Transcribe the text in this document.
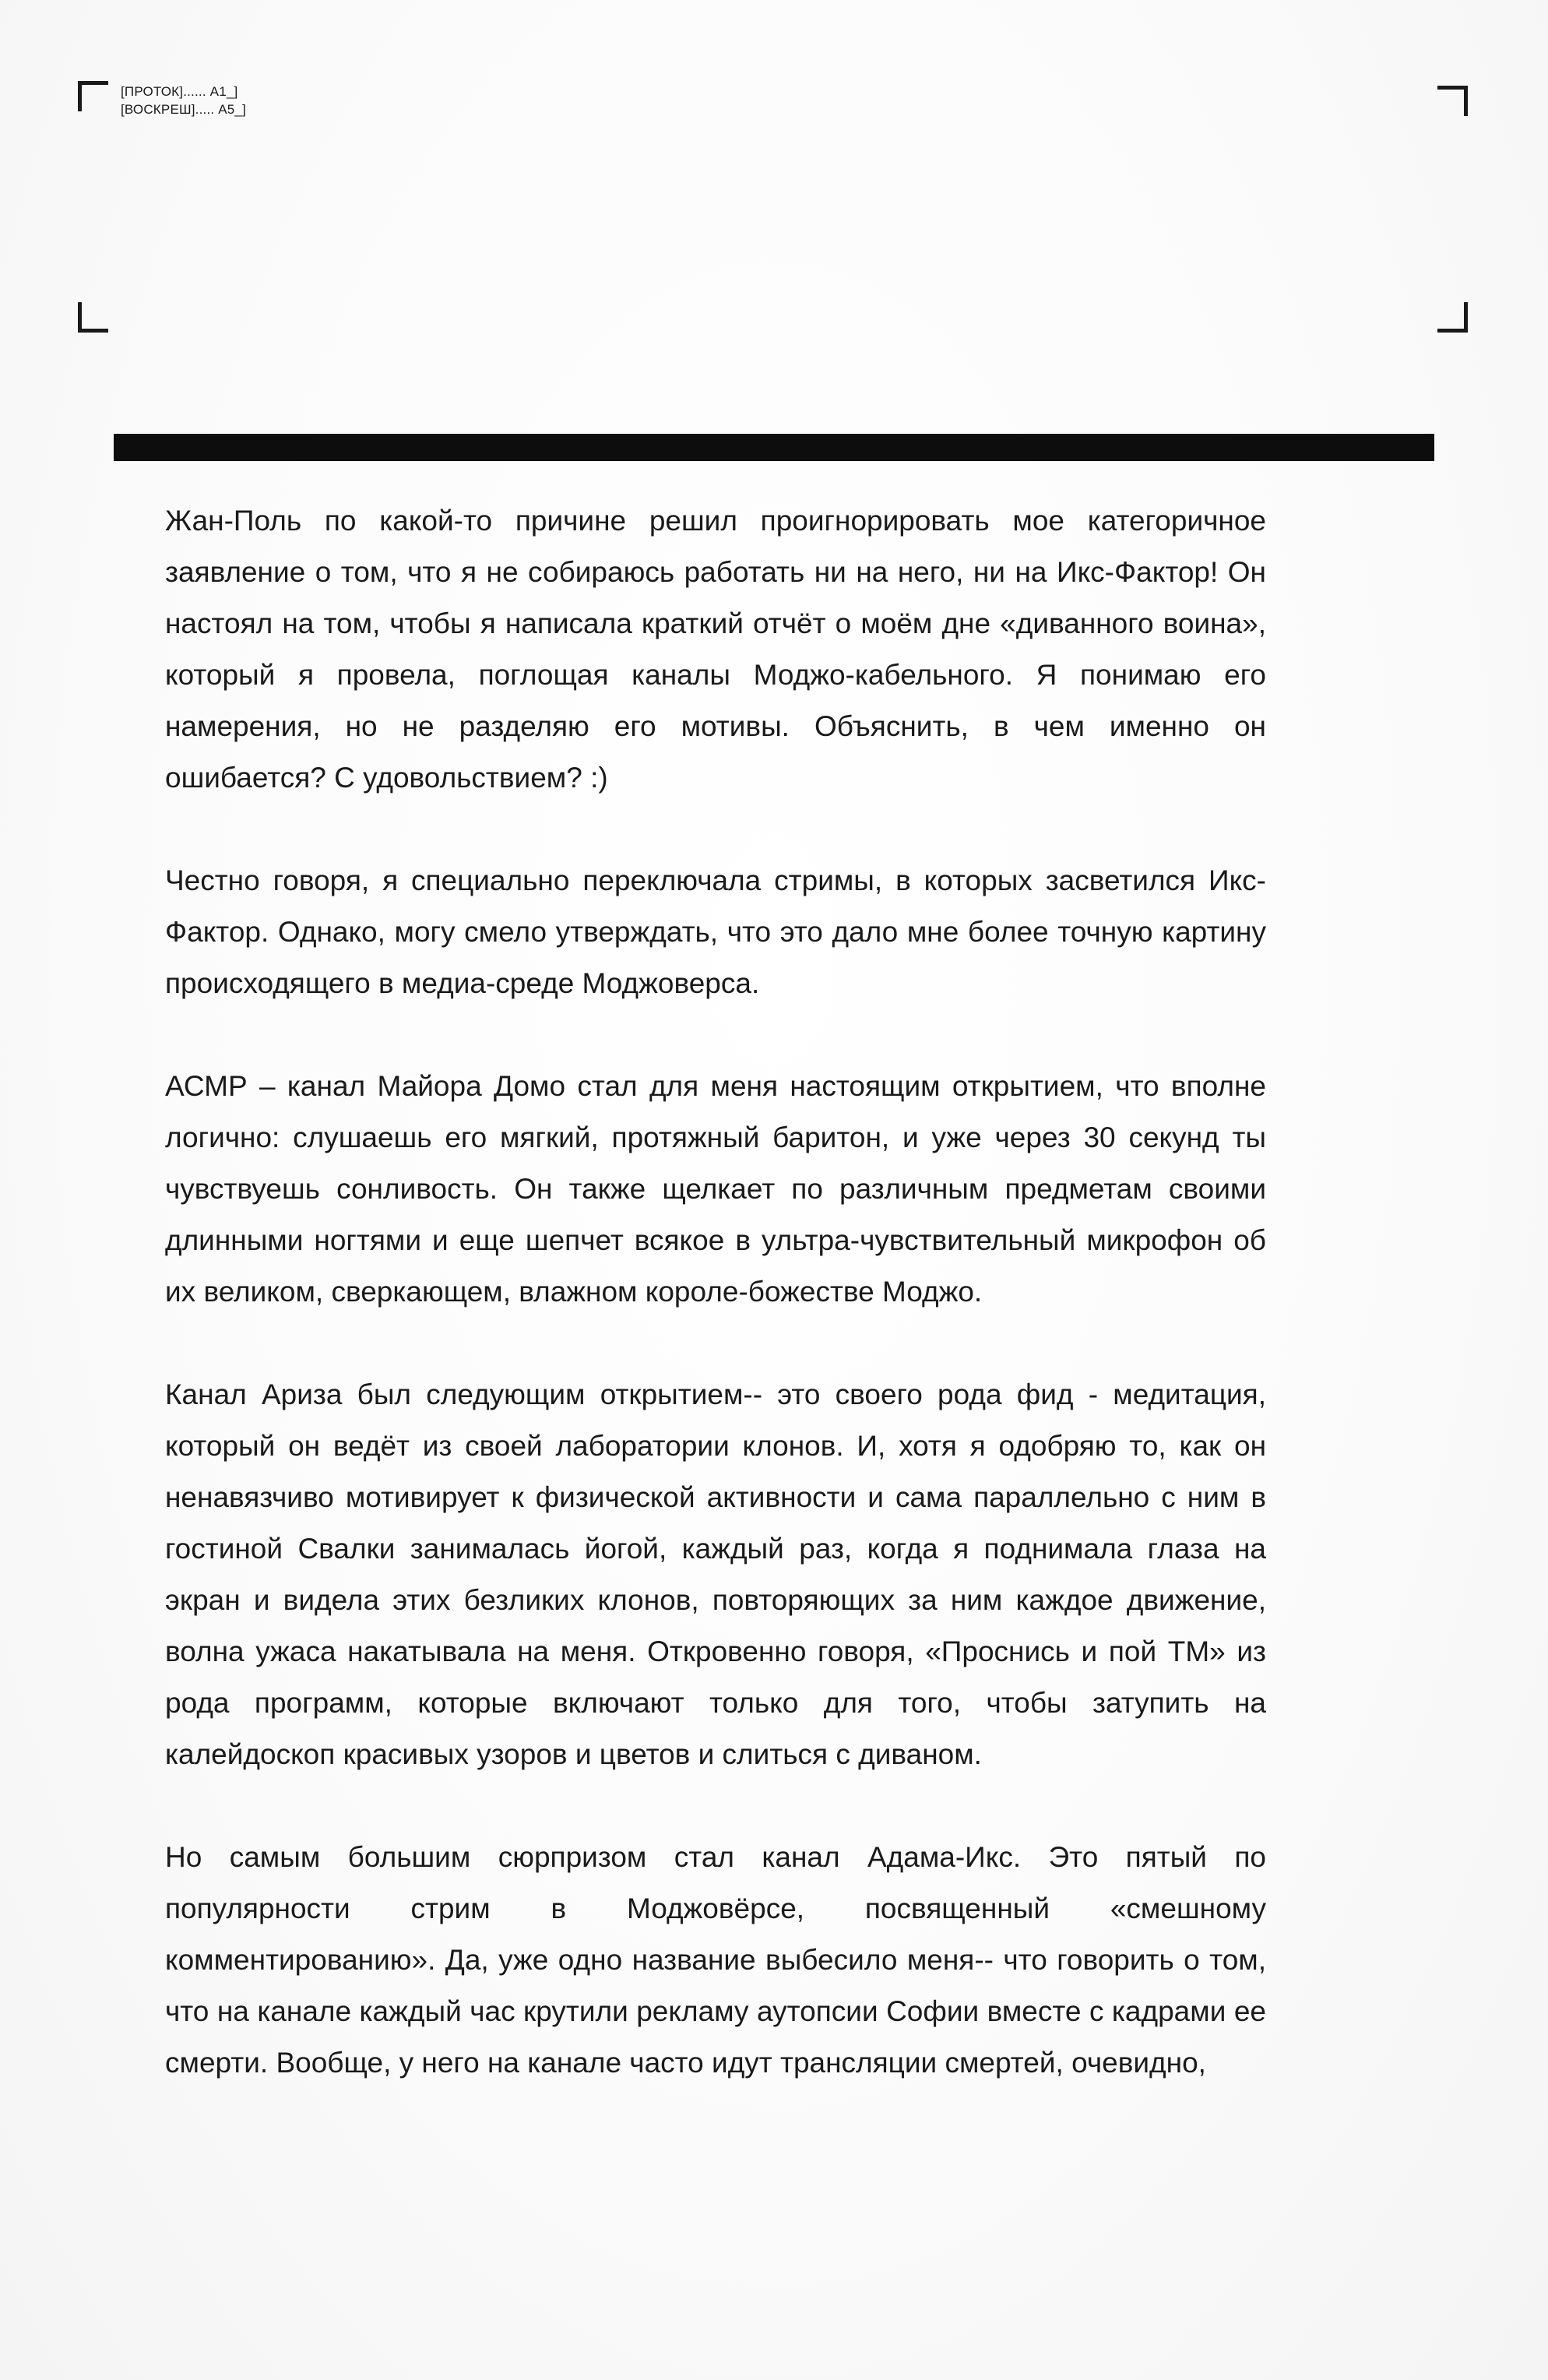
[ПРОТОК]...... А1_]
[ВОСКРЕШ]..... А5_]

Жан-Поль по какой-то причине решил проигнорировать мое категоричное заявление о том, что я не собираюсь работать ни на него, ни на Икс-Фактор! Он настоял на том, чтобы я написала краткий отчёт о моём дне «диванного воина», который я провела, поглощая каналы Моджо-кабельного. Я понимаю его намерения, но не разделяю его мотивы. Объяснить, в чем именно он ошибается? С удовольствием? :)

Честно говоря, я специально переключала стримы, в которых засветился Икс-Фактор. Однако, могу смело утверждать, что это дало мне более точную картину происходящего в медиа-среде Моджоверса.

АСМР – канал Майора Домо стал для меня настоящим открытием, что вполне логично: слушаешь его мягкий, протяжный баритон, и уже через 30 секунд ты чувствуешь сонливость. Он также щелкает по различным предметам своими длинными ногтями и еще шепчет всякое в ультра-чувствительный микрофон об их великом, сверкающем, влажном короле-божестве Моджо.

Канал Ариза был следующим открытием-- это своего рода фид - медитация, который он ведёт из своей лаборатории клонов. И, хотя я одобряю то, как он ненавязчиво мотивирует к физической активности и сама параллельно с ним в гостиной Свалки занималась йогой, каждый раз, когда я поднимала глаза на экран и видела этих безликих клонов, повторяющих за ним каждое движение, волна ужаса накатывала на меня. Откровенно говоря, «Проснись и пой ТМ» из рода программ, которые включают только для того, чтобы затупить на калейдоскоп красивых узоров и цветов и слиться с диваном.

Но самым большим сюрпризом стал канал Адама-Икс. Это пятый по популярности стрим в Моджовёрсе, посвященный «смешному комментированию». Да, уже одно название выбесило меня-- что говорить о том, что на канале каждый час крутили рекламу аутопсии Софии вместе с кадрами ее смерти. Вообще, у него на канале часто идут трансляции смертей, очевидно,
